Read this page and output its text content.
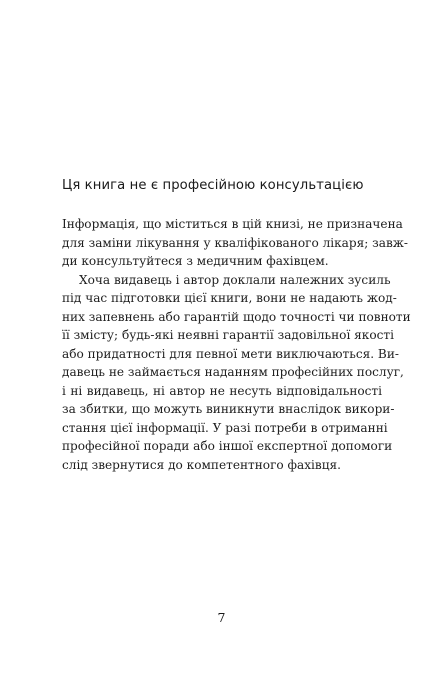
Ця книга не є професійною консультацією

Інформація, що міститься в цій книзі, не призначена
для заміни лікування у кваліфікованого лікаря; завж-
ди консультуйтеся з медичним фахівцем.

Хоча видавець і автор доклали належних зусиль
під час підготовки цієї книги, вони не надають жод-
них запевнень або гарантій щодо точності чи повноти
її змісту; будь-які неявні гарантії задовільної якості
або придатності для певної мети виключаються. Ви-
давець не займається наданням професійних послуг,
і ні видавець, ні автор не несуть відповідальності
за збитки, що можуть виникнути внаслідок викори-
стання цієї інформації. У разі потреби в отриманні
професійної поради або іншої експертної допомоги
слід звернутися до компетентного фахівця.

7
